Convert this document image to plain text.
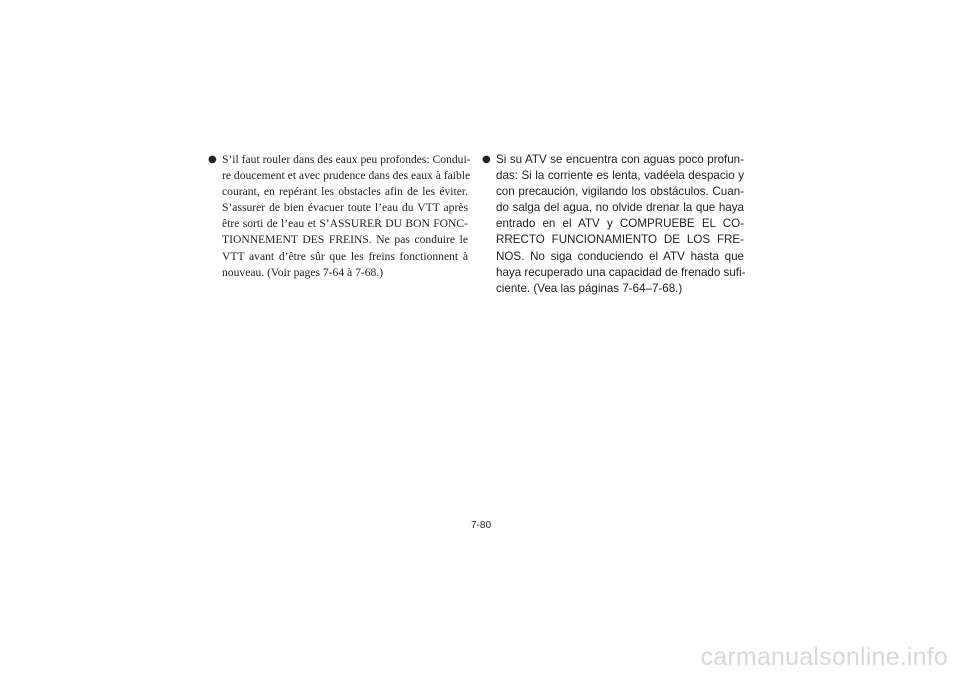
● S’il faut rouler dans des eaux peu profondes: Condui-
re doucement et avec prudence dans des eaux à faible
courant, en repérant les obstacles afin de les éviter.
S’assurer de bien évacuer toute l’eau du VTT après
être sorti de l’eau et S’ASSURER DU BON FONC-
TIONNEMENT DES FREINS. Ne pas conduire le
VTT avant d’être sûr que les freins fonctionnent à
nouveau. (Voir pages 7-64 à 7-68.)
● Si su ATV se encuentra con aguas poco profun-
das: Si la corriente es lenta, vadéela despacio y
con precaución, vigilando los obstáculos. Cuan-
do salga del agua, no olvide drenar la que haya
entrado en el ATV y COMPRUEBE EL CO-
RRECTO FUNCIONAMIENTO DE LOS FRE-
NOS. No siga conduciendo el ATV hasta que
haya recuperado una capacidad de frenado sufi-
ciente. (Vea las páginas 7-64–7-68.)
7-80
carmanualsonline.info
